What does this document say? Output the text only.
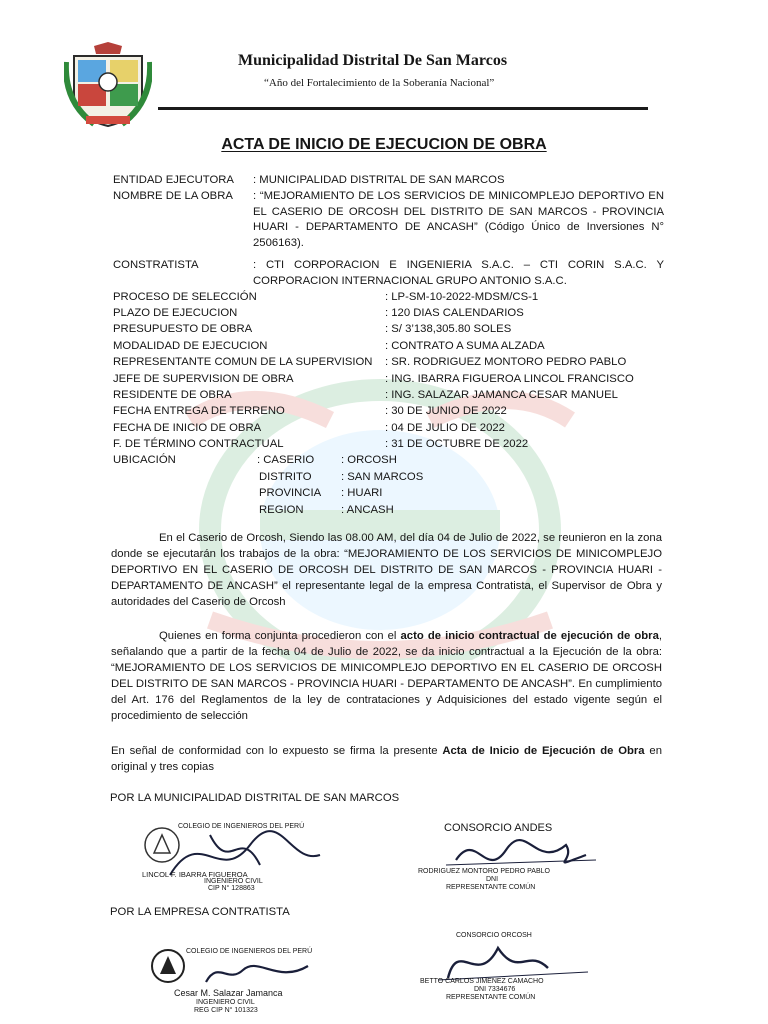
Municipalidad Distrital De San Marcos

“Año del Fortalecimiento de la Soberanía Nacional”

ACTA DE INICIO DE EJECUCION DE OBRA
ENTIDAD EJECUTORA : MUNICIPALIDAD DISTRITAL DE SAN MARCOS
NOMBRE DE LA OBRA : “MEJORAMIENTO DE LOS SERVICIOS DE MINICOMPLEJO DEPORTIVO EN EL CASERIO DE ORCOSH DEL DISTRITO DE SAN MARCOS - PROVINCIA HUARI - DEPARTAMENTO DE ANCASH” (Código Único de Inversiones N° 2506163).
CONSTRATISTA	: CTI CORPORACION E INGENIERIA S.A.C. – CTI CORIN S.A.C. Y CORPORACION INTERNACIONAL GRUPO ANTONIO S.A.C.
PROCESO DE SELECCIÓN	: LP-SM-10-2022-MDSM/CS-1
PLAZO DE EJECUCION	: 120 DIAS CALENDARIOS
PRESUPUESTO DE OBRA	: S/ 3’138,305.80 SOLES
MODALIDAD DE EJECUCION	: CONTRATO A SUMA ALZADA
REPRESENTANTE COMUN DE LA SUPERVISION : SR. RODRIGUEZ MONTORO PEDRO PABLO
JEFE DE SUPERVISION DE OBRA	: ING. IBARRA FIGUEROA LINCOL FRANCISCO
RESIDENTE DE OBRA	: ING. SALAZAR JAMANCA CESAR MANUEL
FECHA ENTREGA DE TERRENO	: 30 DE JUNIO DE 2022
FECHA DE INICIO DE OBRA	: 04 DE JULIO DE 2022
F. DE TÉRMINO CONTRACTUAL	: 31 DE OCTUBRE DE 2022
UBICACIÓN	: CASERIO : ORCOSH
DISTRITO	: SAN MARCOS
PROVINCIA : HUARI
REGION	: ANCASH

En el Caserio de Orcosh, Siendo las 08.00 AM, del día 04 de Julio de 2022, se reunieron en la zona donde se ejecutarán los trabajos de la obra: “MEJORAMIENTO DE LOS SERVICIOS DE MINICOMPLEJO DEPORTIVO EN EL CASERIO DE ORCOSH DEL DISTRITO DE SAN MARCOS - PROVINCIA HUARI - DEPARTAMENTO DE ANCASH” el representante legal de la empresa Contratista, el Supervisor de Obra y autoridades del Caserio de Orcosh

Quienes en forma conjunta procedieron con el acto de inicio contractual de ejecución de obra, señalando que a partir de la fecha 04 de Julio de 2022, se da inicio contractual a la Ejecución de la obra: “MEJORAMIENTO DE LOS SERVICIOS DE MINICOMPLEJO DEPORTIVO EN EL CASERIO DE ORCOSH DEL DISTRITO DE SAN MARCOS - PROVINCIA HUARI - DEPARTAMENTO DE ANCASH”. En cumplimiento del Art. 176 del Reglamentos de la ley de contrataciones y Adquisiciones del estado vigente según el procedimiento de selección

En señal de conformidad con lo expuesto se firma la presente Acta de Inicio de Ejecución de Obra en original y tres copias

POR LA MUNICIPALIDAD DISTRITAL DE SAN MARCOS

POR LA EMPRESA CONTRATISTA

COLEGIO DE INGENIEROS DEL PERÚ
LINCOL F. IBARRA FIGUEROA
INGENIERO CIVIL
CIP N° 128863
CONSORCIO ANDES
RODRIGUEZ MONTORO PEDRO PABLO
DNI
REPRESENTANTE COMÚN
COLEGIO DE INGENIEROS DEL PERÚ
Cesar M. Salazar Jamanca
INGENIERO CIVIL
REG CIP N° 101323
CONSORCIO ORCOSH
BETTO CARLOS JIMENEZ CAMACHO
DNI 7334676
REPRESENTANTE COMÚN
